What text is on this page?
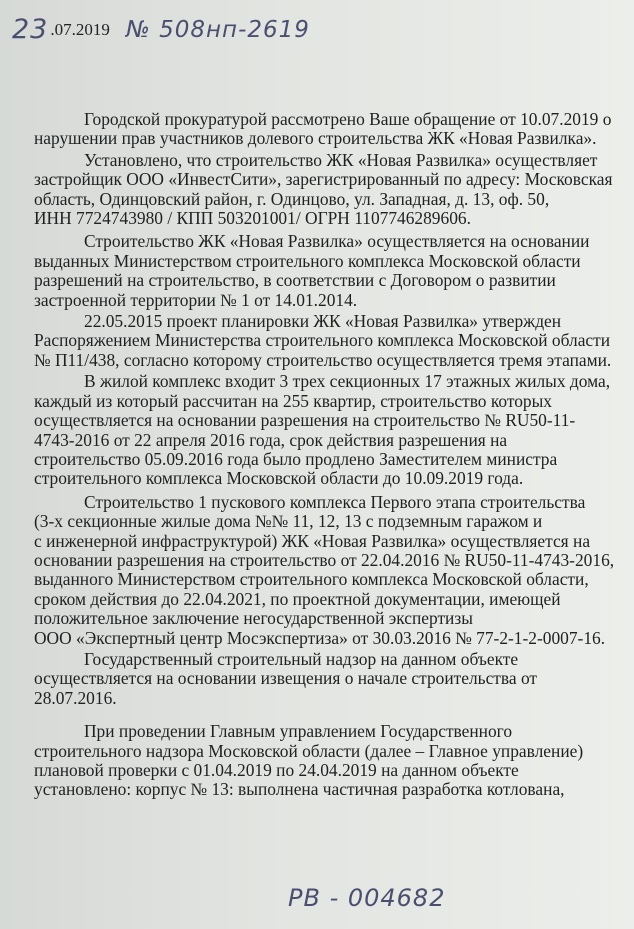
23 .07.2019 № 508нп-2619
Городской прокуратурой рассмотрено Ваше обращение от 10.07.2019 о
нарушении прав участников долевого строительства ЖК «Новая Развилка».
Установлено, что строительство ЖК «Новая Развилка» осуществляет
застройщик ООО «ИнвестСити», зарегистрированный по адресу: Московская
область, Одинцовский район, г. Одинцово, ул. Западная, д. 13, оф. 50,
ИНН 7724743980 / КПП 503201001/ ОГРН 1107746289606.
Строительство ЖК «Новая Развилка» осуществляется на основании
выданных Министерством строительного комплекса Московской области
разрешений на строительство, в соответствии с Договором о развитии
застроенной территории № 1 от 14.01.2014.
22.05.2015 проект планировки ЖК «Новая Развилка» утвержден
Распоряжением Министерства строительного комплекса Московской области
№ П11/438, согласно которому строительство осуществляется тремя этапами.
В жилой комплекс входит 3 трех секционных 17 этажных жилых дома,
каждый из который рассчитан на 255 квартир, строительство которых
осуществляется на основании разрешения на строительство № RU50-11-
4743-2016 от 22 апреля 2016 года, срок действия разрешения на
строительство 05.09.2016 года было продлено Заместителем министра
строительного комплекса Московской области до 10.09.2019 года.
Строительство 1 пускового комплекса Первого этапа строительства
(3-х секционные жилые дома №№ 11, 12, 13 с подземным гаражом и
с инженерной инфраструктурой) ЖК «Новая Развилка» осуществляется на
основании разрешения на строительство от 22.04.2016 № RU50-11-4743-2016,
выданного Министерством строительного комплекса Московской области,
сроком действия до 22.04.2021, по проектной документации, имеющей
положительное заключение негосударственной экспертизы
ООО «Экспертный центр Мосэкспертиза» от 30.03.2016 № 77-2-1-2-0007-16.
Государственный строительный надзор на данном объекте
осуществляется на основании извещения о начале строительства от
28.07.2016.
При проведении Главным управлением Государственного
строительного надзора Московской области (далее – Главное управление)
плановой проверки с 01.04.2019 по 24.04.2019 на данном объекте
установлено: корпус № 13: выполнена частичная разработка котлована,
PB - 004682
